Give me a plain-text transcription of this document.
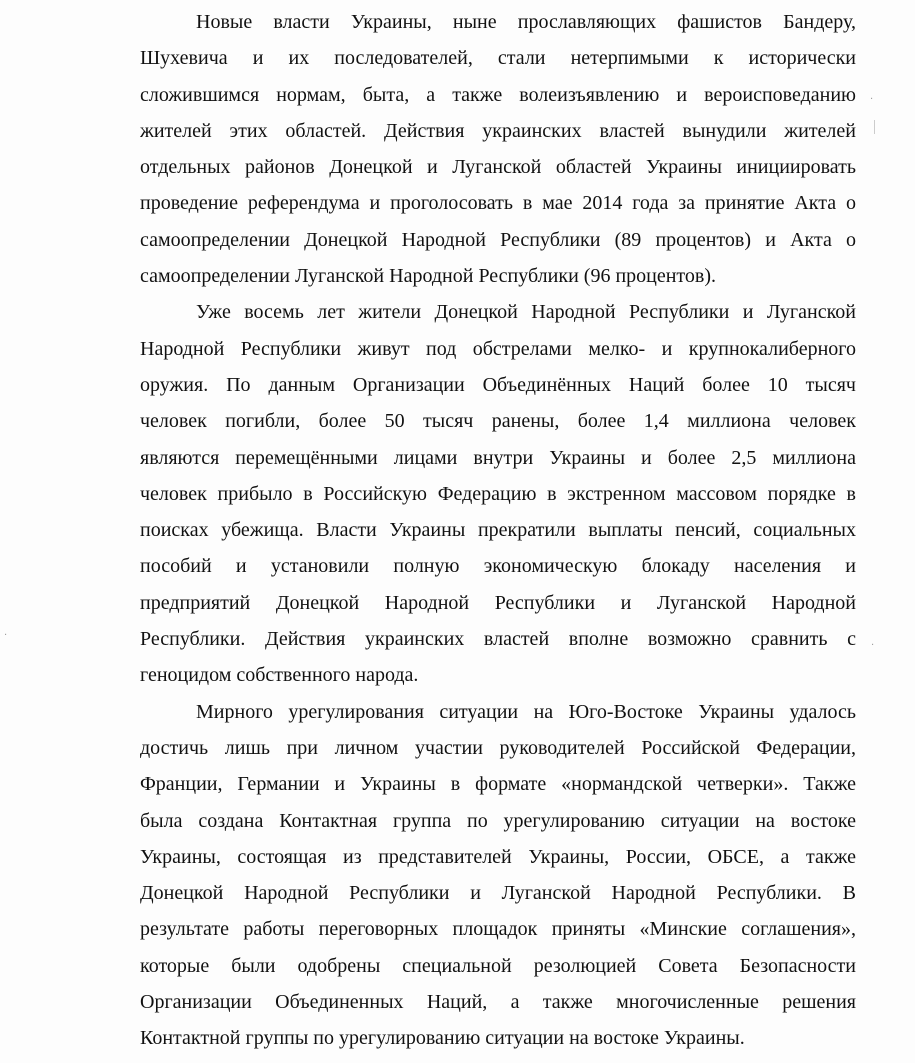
Новые власти Украины, ныне прославляющих фашистов Бандеру,
Шухевича и их последователей, стали нетерпимыми к исторически
сложившимся нормам, быта, а также волеизъявлению и вероисповеданию
жителей этих областей. Действия украинских властей вынудили жителей
отдельных районов Донецкой и Луганской областей Украины инициировать
проведение референдума и проголосовать в мае 2014 года за принятие Акта о
самоопределении Донецкой Народной Республики (89 процентов) и Акта о
самоопределении Луганской Народной Республики (96 процентов).
Уже восемь лет жители Донецкой Народной Республики и Луганской
Народной Республики живут под обстрелами мелко- и крупнокалиберного
оружия. По данным Организации Объединённых Наций более 10 тысяч
человек погибли, более 50 тысяч ранены, более 1,4 миллиона человек
являются перемещёнными лицами внутри Украины и более 2,5 миллиона
человек прибыло в Российскую Федерацию в экстренном массовом порядке в
поисках убежища. Власти Украины прекратили выплаты пенсий, социальных
пособий и установили полную экономическую блокаду населения и
предприятий Донецкой Народной Республики и Луганской Народной
Республики. Действия украинских властей вполне возможно сравнить с
геноцидом собственного народа.
Мирного урегулирования ситуации на Юго-Востоке Украины удалось
достичь лишь при личном участии руководителей Российской Федерации,
Франции, Германии и Украины в формате «нормандской четверки». Также
была создана Контактная группа по урегулированию ситуации на востоке
Украины, состоящая из представителей Украины, России, ОБСЕ, а также
Донецкой Народной Республики и Луганской Народной Республики. В
результате работы переговорных площадок приняты «Минские соглашения»,
которые были одобрены специальной резолюцией Совета Безопасности
Организации Объединенных Наций, а также многочисленные решения
Контактной группы по урегулированию ситуации на востоке Украины.
·
·
·
